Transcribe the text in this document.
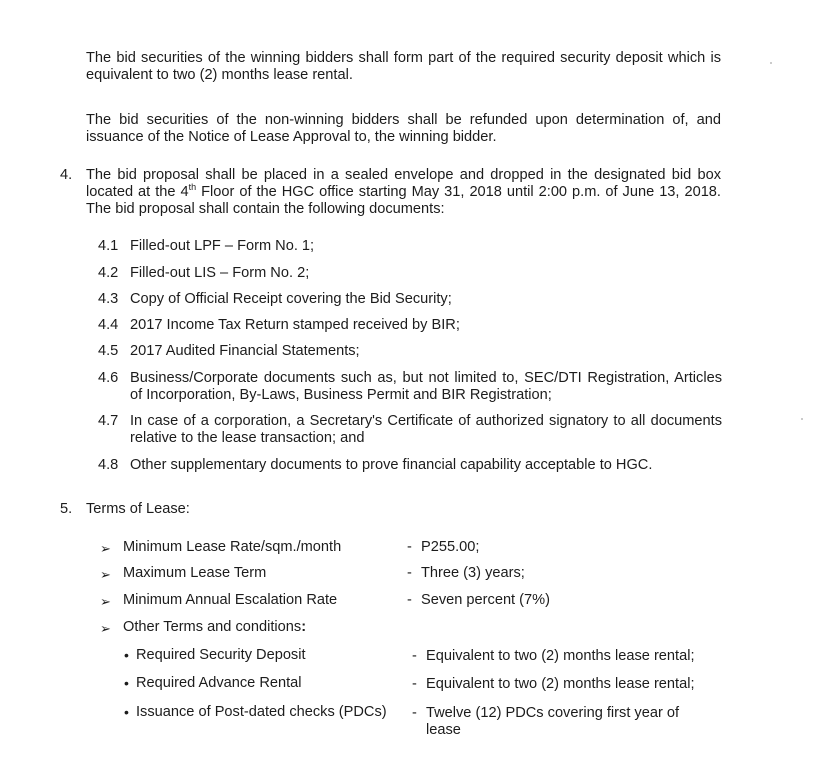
The bid securities of the winning bidders shall form part of the required security deposit which is equivalent to two (2) months lease rental.
The bid securities of the non-winning bidders shall be refunded upon determination of, and issuance of the Notice of Lease Approval to, the winning bidder.
4. The bid proposal shall be placed in a sealed envelope and dropped in the designated bid box located at the 4th Floor of the HGC office starting May 31, 2018 until 2:00 p.m. of June 13, 2018. The bid proposal shall contain the following documents:
4.1 Filled-out LPF – Form No. 1;
4.2 Filled-out LIS – Form No. 2;
4.3 Copy of Official Receipt covering the Bid Security;
4.4 2017 Income Tax Return stamped received by BIR;
4.5 2017 Audited Financial Statements;
4.6 Business/Corporate documents such as, but not limited to, SEC/DTI Registration, Articles of Incorporation, By-Laws, Business Permit and BIR Registration;
4.7 In case of a corporation, a Secretary's Certificate of authorized signatory to all documents relative to the lease transaction; and
4.8 Other supplementary documents to prove financial capability acceptable to HGC.
5. Terms of Lease:
➢ Minimum Lease Rate/sqm./month	- P255.00;
➢ Maximum Lease Term	- Three (3) years;
➢ Minimum Annual Escalation Rate	- Seven percent (7%)
➢ Other Terms and conditions:
• Required Security Deposit	- Equivalent to two (2) months lease rental;
• Required Advance Rental	- Equivalent to two (2) months lease rental;
• Issuance of Post-dated checks (PDCs) - Twelve (12) PDCs covering first year of lease
